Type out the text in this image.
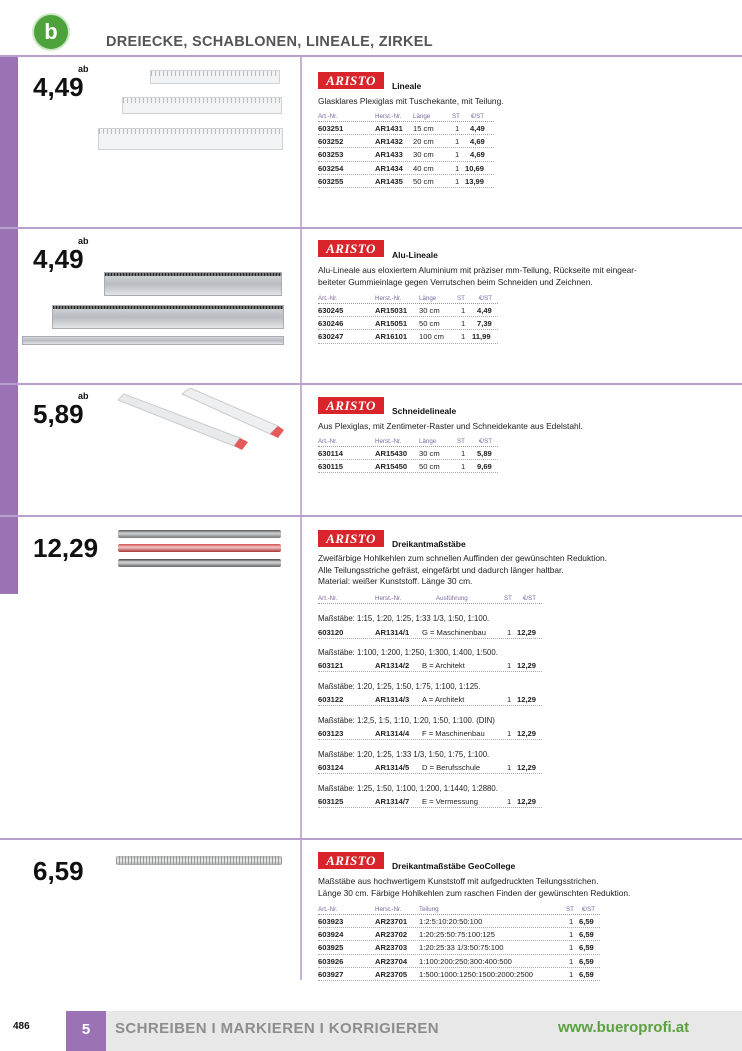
b	DREIECKE, SCHABLONEN, LINEALE, ZIRKEL
ab
4,49	ARISTO	Lineale
Glasklares Plexiglas mit Tuschekante, mit Teilung.
Art.-Nr.	Herst.-Nr. Länge	ST €/ST
603251	AR1431 15 cm	1 4,49
603252	AR1432 20 cm	1 4,69
603253	AR1433 30 cm	1 4,69
603254	AR1434 40 cm	1 10,69
603255	AR1435 50 cm	1 13,99
ab
4,49	ARISTO	Alu-Lineale
Alu-Lineale aus eloxiertem Aluminium mit präziser mm-Teilung, Rückseite mit eingear-
beiteter Gummieinlage gegen Verrutschen beim Schneiden und Zeichnen.
Art.-Nr.	Herst.-Nr.	Länge	ST €/ST
630245	AR15031 30 cm	1 4,49
630246	AR15051 50 cm	1 7,39
630247	AR16101 100 cm 1 11,99
ab
5,89	ARISTO	Schneidelineale
Aus Plexiglas, mit Zentimeter-Raster und Schneidekante aus Edelstahl.
Art.-Nr.	Herst.-Nr.	Länge	ST €/ST
630114	AR15430 30 cm	1 5,89
630115	AR15450 50 cm	1 9,69
12,29	ARISTO	Dreikantmaßstäbe
Zweifärbige Hohlkehlen zum schnellen Auffinden der gewünschten Reduktion.
Alle Teilungsstriche gefräst, eingefärbt und dadurch länger haltbar.
Material: weißer Kunststoff. Länge 30 cm.
Art.-Nr.	Herst.-Nr.	Ausführung	ST €/ST
Maßstäbe: 1:15, 1:20, 1:25, 1:33 1/3, 1:50, 1:100.
603120	AR1314/1 G = Maschinenbau	1 12,29
Maßstäbe: 1:100, 1:200, 1:250, 1:300, 1:400, 1:500.
603121	AR1314/2 B = Architekt	1 12,29
Maßstäbe: 1:20, 1:25, 1:50, 1:75, 1:100, 1:125.
603122	AR1314/3 A = Architekt	1 12,29
Maßstäbe: 1:2,5, 1:5, 1:10, 1:20, 1:50, 1:100. (DIN)
603123	AR1314/4 F = Maschinenbau	1 12,29
Maßstäbe: 1:20, 1:25, 1:33 1/3, 1:50, 1:75, 1:100.
603124	AR1314/5 D = Berufsschule	1 12,29
Maßstäbe: 1:25, 1:50, 1:100, 1:200, 1:1440, 1:2880.
603125	AR1314/7 E = Vermessung	1 12,29
6,59	ARISTO	Dreikantmaßstäbe GeoCollege
Maßstäbe aus hochwertigem Kunststoff mit aufgedruckten Teilungsstrichen.
Länge 30 cm. Färbige Hohlkehlen zum raschen Finden der gewünschten Reduktion.
Art.-Nr.	Herst.-Nr.	Teilung	ST €/ST
603923	AR23701 1:2:5:10:20:50:100	1 6,59
603924	AR23702 1:20:25:50:75:100:125	1 6,59
603925	AR23703 1:20:25:33 1/3:50:75:100	1 6,59
603926	AR23704 1:100:200:250:300:400:500	1 6,59
603927	AR23705 1:500:1000:1250:1500:2000:2500	1 6,59
486	5	SCHREIBEN I MARKIEREN I KORRIGIEREN	www.bueroprofi.at
